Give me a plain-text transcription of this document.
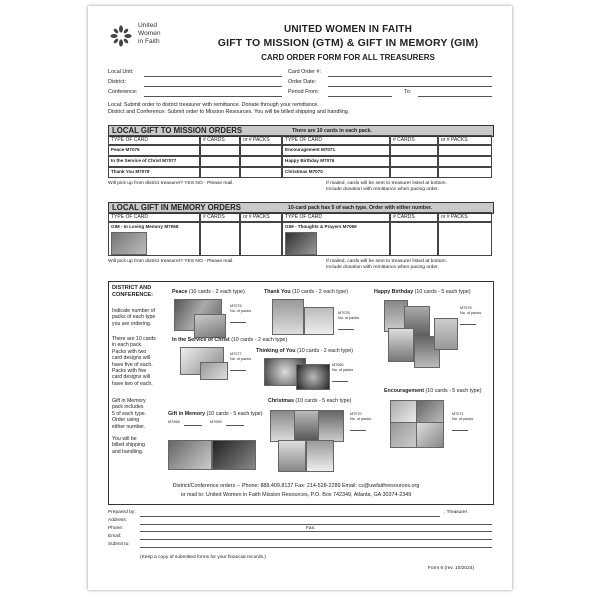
United
Women
in Faith
UNITED WOMEN IN FAITH
GIFT TO MISSION (GTM) & GIFT IN MEMORY (GIM)
CARD ORDER FORM FOR ALL TREASURERS
Local Unit:
District:
Conference:
Card Order #:
Order Date:
Period From:	To:
Local: Submit order to district treasurer with remittance. Donate through your remittance.
District and Conference: Submit order to Mission Resources. You will be billed shipping and handling.
LOCAL GIFT TO MISSION ORDERS	There are 10 cards in each pack.
TYPE OF CARD	# CARDS	or # PACKS	TYPE OF CARD	# CARDS	or # PACKS
Peace M7075	Encouragement M7071
In the Service of Christ M7077	Happy Birthday M7076
Thank You M7078	Christmas M7070
Will pick up from district treasurer? YES NO - Please mail.	If mailed, cards will be sent to treasurer listed at bottom.
Include donation with remittance when pacing order.
LOCAL GIFT IN MEMORY ORDERS	10-card pack has 5 of each type. Order with either number.
TYPE OF CARD	# CARDS	or # PACKS	TYPE OF CARD	# CARDS	or # PACKS
GIM - In Loving Memory M7068	GIM - Thoughts & Prayers M7069
Will pick up from district treasurer? YES NO - Please mail.	If mailed, cards will be sent to treasurer listed at bottom.
Include donation with remittance when pacing order.
DISTRICT AND
CONFERENCE:
Indicate number of
packs of each type
you are ordering.
There are 10 cards
in each pack.
Packs with two
card designs will
have five of each.
Packs with five
card designs will
have two of each.
Gift in Memory
pack includes
5 of each type.
Order using
either number.
You will be
billed shipping
and handling.
Peace (10 cards - 2 each type)
M7075
No. of packs
Thank You (10 cards - 2 each type)
M7078
No. of packs
Happy Birthday (10 cards - 5 each type)
M7076
No. of packs
In the Service of Christ (10 cards - 2 each type)
M7077
No. of packs
Thinking of You (10 cards - 2 each type)
M7080
No. of packs
Encouragement (10 cards - 5 each type)
M7071
No. of packs
Gift in Memory (10 cards - 5 each type)
M7068	M7069
Christmas (10 cards - 5 each type)
M7070
No. of packs
District/Conference orders -- Phone: 888.409.8137 Fax: 214-528-2289 Email: cs@uwfaithresources.org
or mail to: United Women in Faith Mission Resources, P.O. Box 742349, Atlanta, GA 30374-2349
Prepared by:	, Treasurer
Address:
Phone:	Fax:
Email:
Submit to:
(Keep a copy of submitted forms for your financial records.)
Form 6 (rev. 10/2024)
